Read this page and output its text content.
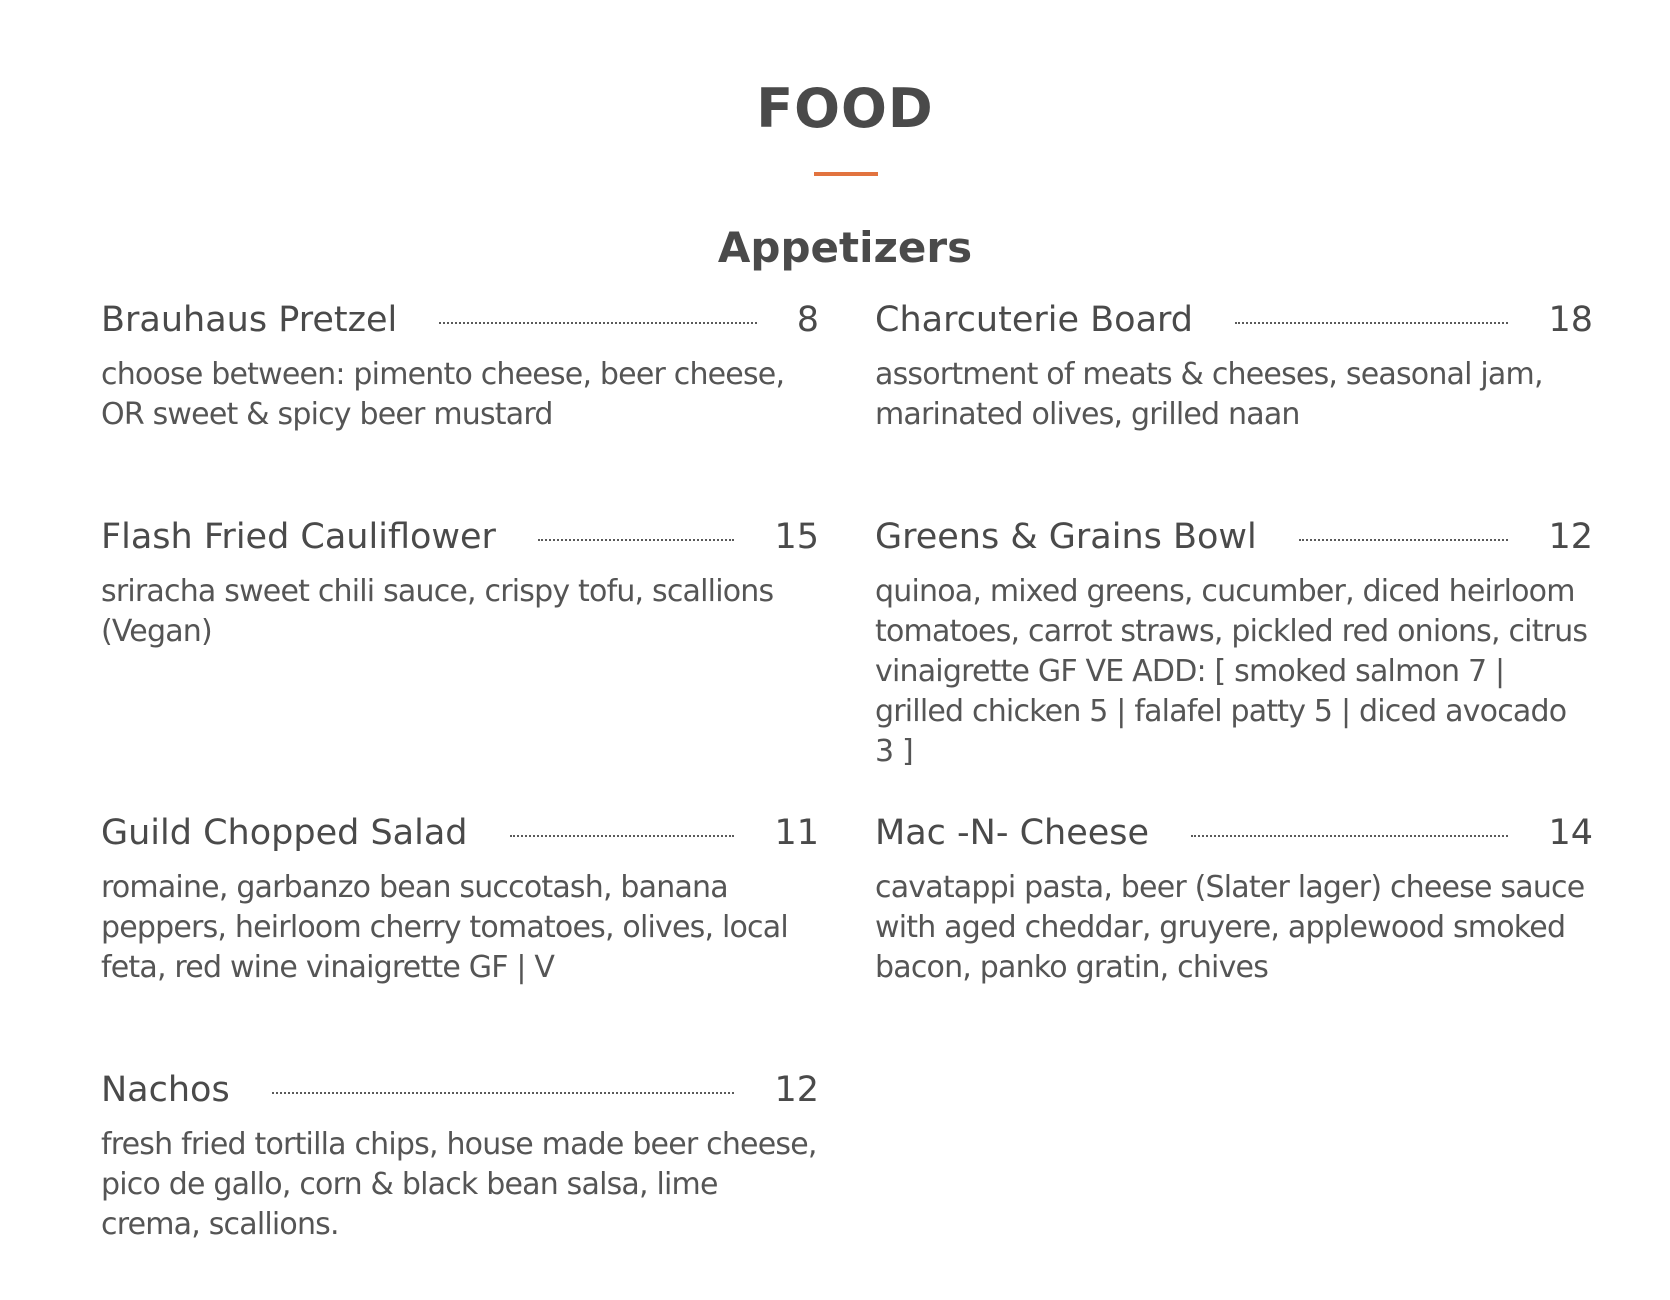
FOOD
Appetizers
Brauhaus Pretzel	8
choose between: pimento cheese, beer cheese, OR sweet & spicy beer mustard
Charcuterie Board	18
assortment of meats & cheeses, seasonal jam, marinated olives, grilled naan
Flash Fried Cauliflower	15
sriracha sweet chili sauce, crispy tofu, scallions (Vegan)
Greens & Grains Bowl	12
quinoa, mixed greens, cucumber, diced heirloom tomatoes, carrot straws, pickled red onions, citrus vinaigrette GF VE ADD: [ smoked salmon 7 | grilled chicken 5 | falafel patty 5 | diced avocado 3 ]
Guild Chopped Salad	11
romaine, garbanzo bean succotash, banana peppers, heirloom cherry tomatoes, olives, local feta, red wine vinaigrette GF | V
Mac -N- Cheese	14
cavatappi pasta, beer (Slater lager) cheese sauce with aged cheddar, gruyere, applewood smoked bacon, panko gratin, chives
Nachos	12
fresh fried tortilla chips, house made beer cheese, pico de gallo, corn & black bean salsa, lime crema, scallions.
